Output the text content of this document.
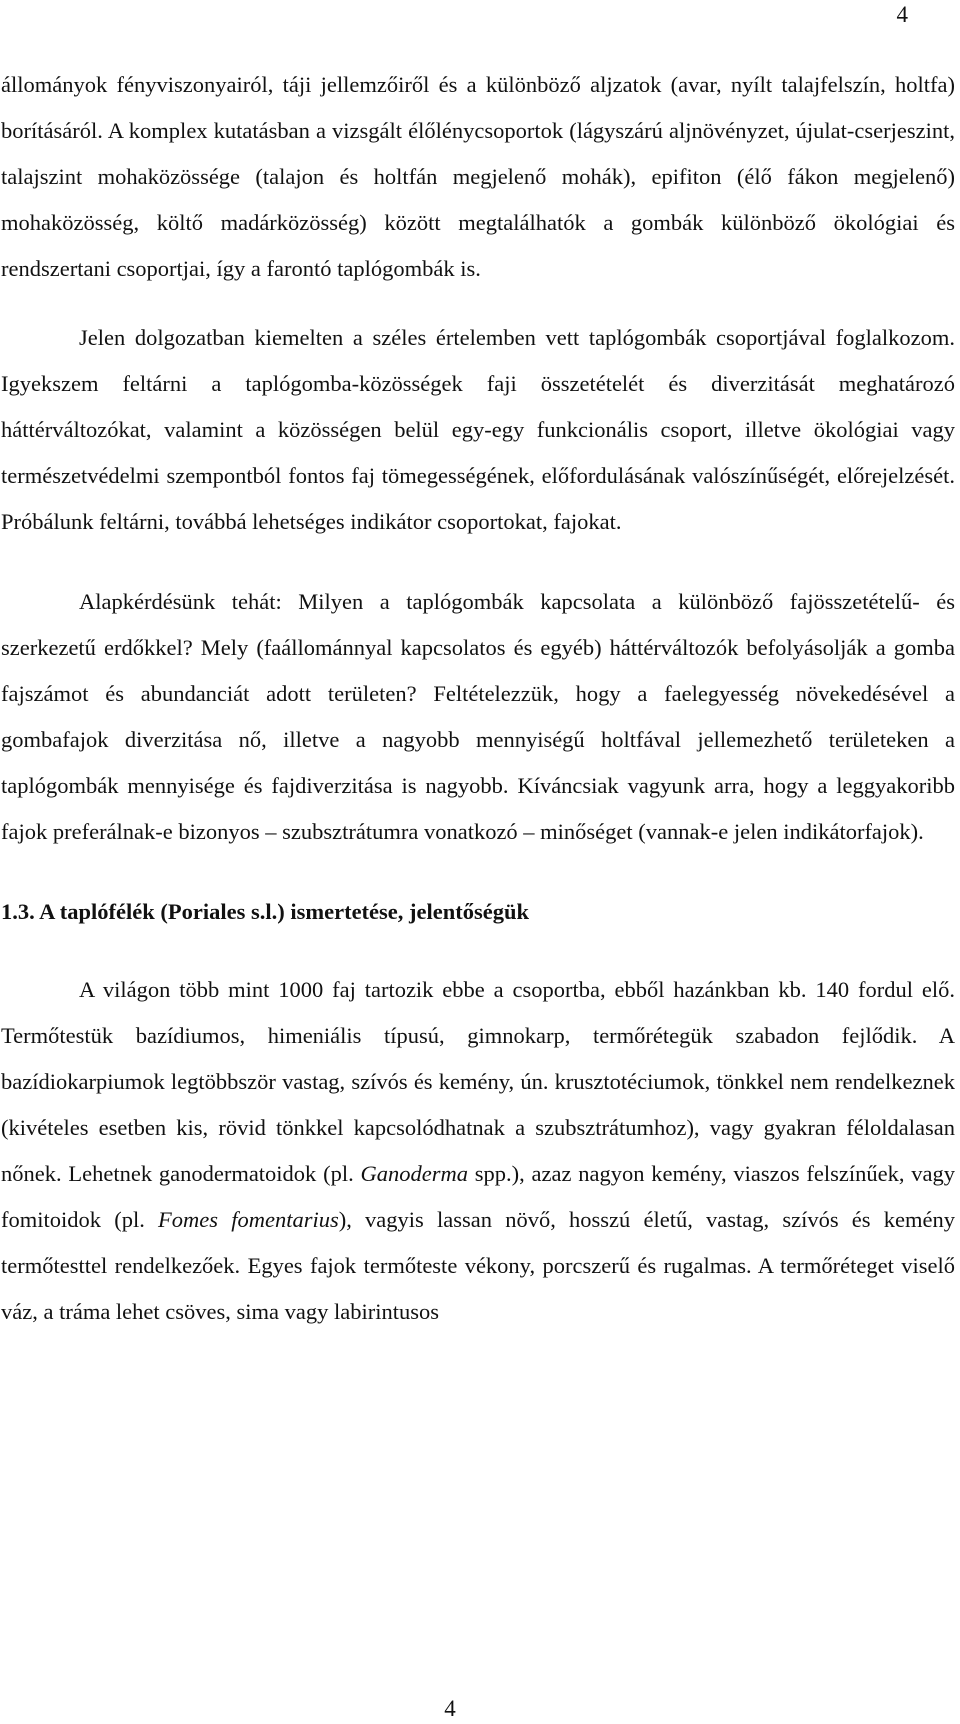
4

állományok fényviszonyairól, táji jellemzőiről és a különböző aljzatok (avar, nyílt talajfelszín, holtfa) borításáról. A komplex kutatásban a vizsgált élőlénycsoportok (lágyszárú aljnövényzet, újulat-cserjeszint, talajszint mohaközössége (talajon és holtfán megjelenő mohák), epifiton (élő fákon megjelenő) mohaközösség, költő madárközösség) között megtalálhatók a gombák különböző ökológiai és rendszertani csoportjai, így a farontó taplógombák is.

Jelen dolgozatban kiemelten a széles értelemben vett taplógombák csoportjával foglalkozom. Igyekszem feltárni a taplógomba-közösségek faji összetételét és diverzitását meghatározó háttérváltozókat, valamint a közösségen belül egy-egy funkcionális csoport, illetve ökológiai vagy természetvédelmi szempontból fontos faj tömegességének, előfordulásának valószínűségét, előrejelzését. Próbálunk feltárni, továbbá lehetséges indikátor csoportokat, fajokat.

Alapkérdésünk tehát: Milyen a taplógombák kapcsolata a különböző fajösszetételű- és szerkezetű erdőkkel? Mely (faállománnyal kapcsolatos és egyéb) háttérváltozók befolyásolják a gomba fajszámot és abundanciát adott területen? Feltételezzük, hogy a faelegyesség növekedésével a gombafajok diverzitása nő, illetve a nagyobb mennyiségű holtfával jellemezhető területeken a taplógombák mennyisége és fajdiverzitása is nagyobb. Kíváncsiak vagyunk arra, hogy a leggyakoribb fajok preferálnak-e bizonyos – szubsztrátumra vonatkozó – minőséget (vannak-e jelen indikátorfajok).

1.3. A taplófélék (Poriales s.l.) ismertetése, jelentőségük

A világon több mint 1000 faj tartozik ebbe a csoportba, ebből hazánkban kb. 140 fordul elő. Termőtestük bazídiumos, himeniális típusú, gimnokarp, termőrétegük szabadon fejlődik. A bazídiokarpiumok legtöbbször vastag, szívós és kemény, ún. krusztotéciumok, tönkkel nem rendelkeznek (kivételes esetben kis, rövid tönkkel kapcsolódhatnak a szubsztrátumhoz), vagy gyakran féloldalasan nőnek. Lehetnek ganodermatoidok (pl. Ganoderma spp.), azaz nagyon kemény, viaszos felszínűek, vagy fomitoidok (pl. Fomes fomentarius), vagyis lassan növő, hosszú életű, vastag, szívós és kemény termőtesttel rendelkezőek. Egyes fajok termőteste vékony, porcszerű és rugalmas. A termőréteget viselő váz, a tráma lehet csöves, sima vagy labirintusos

4
